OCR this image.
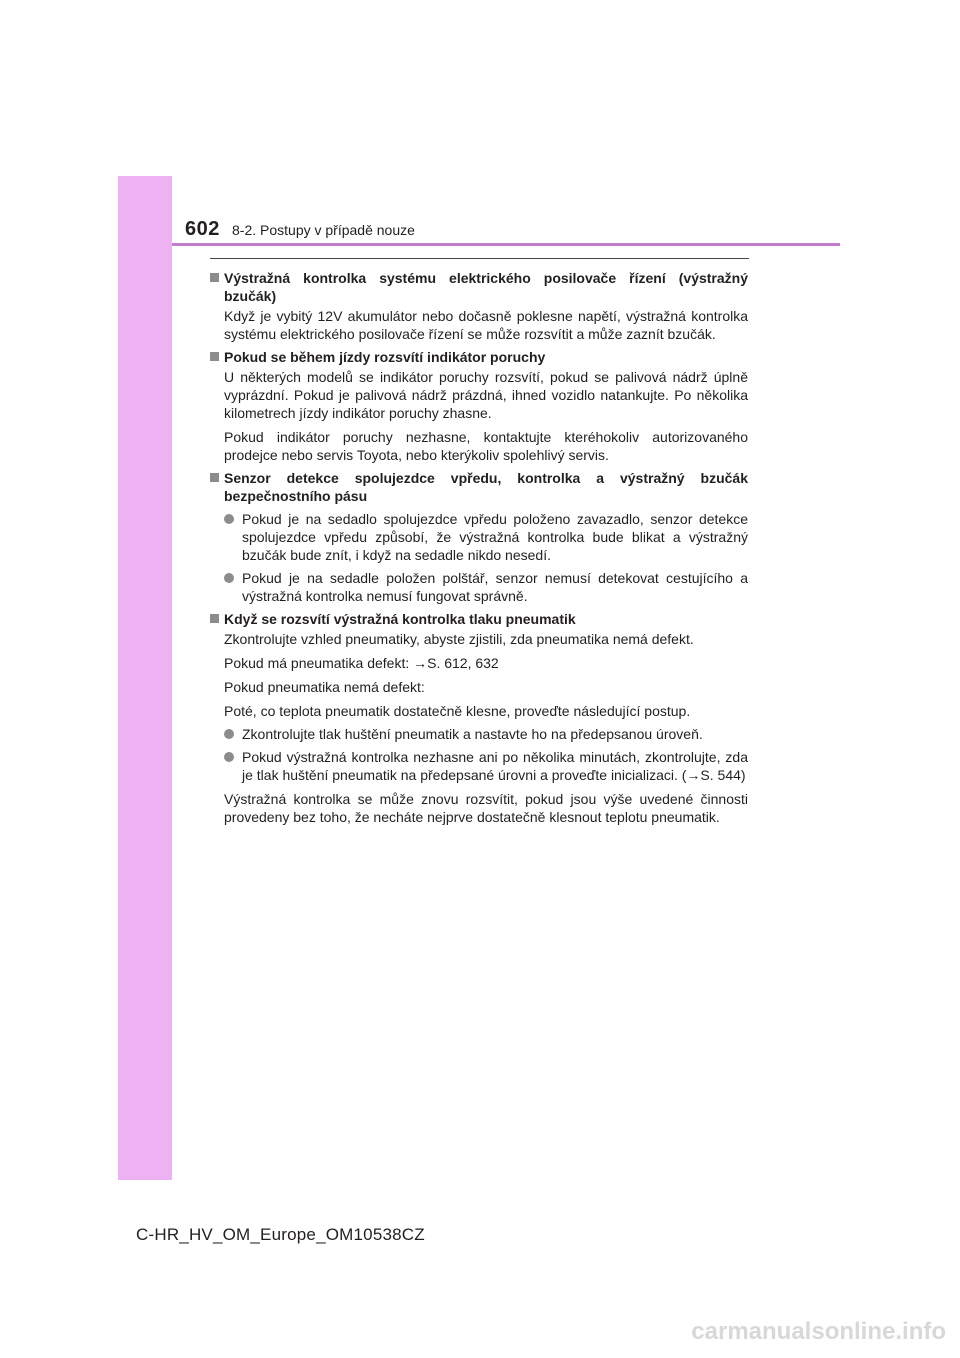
602 8-2. Postupy v případě nouze
Výstražná kontrolka systému elektrického posilovače řízení (výstražný bzučák)
Když je vybitý 12V akumulátor nebo dočasně poklesne napětí, výstražná kontrolka systému elektrického posilovače řízení se může rozsvítit a může zaznít bzučák.
Pokud se během jízdy rozsvítí indikátor poruchy
U některých modelů se indikátor poruchy rozsvítí, pokud se palivová nádrž úplně vyprázdní. Pokud je palivová nádrž prázdná, ihned vozidlo natankujte. Po několika kilometrech jízdy indikátor poruchy zhasne.
Pokud indikátor poruchy nezhasne, kontaktujte kteréhokoliv autorizovaného prodejce nebo servis Toyota, nebo kterýkoliv spolehlivý servis.
Senzor detekce spolujezdce vpředu, kontrolka a výstražný bzučák bezpečnostního pásu
Pokud je na sedadlo spolujezdce vpředu položeno zavazadlo, senzor detekce spolujezdce vpředu způsobí, že výstražná kontrolka bude blikat a výstražný bzučák bude znít, i když na sedadle nikdo nesedí.
Pokud je na sedadle položen polštář, senzor nemusí detekovat cestujícího a výstražná kontrolka nemusí fungovat správně.
Když se rozsvítí výstražná kontrolka tlaku pneumatik
Zkontrolujte vzhled pneumatiky, abyste zjistili, zda pneumatika nemá defekt.
Pokud má pneumatika defekt: →S. 612, 632
Pokud pneumatika nemá defekt:
Poté, co teplota pneumatik dostatečně klesne, proveďte následující postup.
Zkontrolujte tlak huštění pneumatik a nastavte ho na předepsanou úroveň.
Pokud výstražná kontrolka nezhasne ani po několika minutách, zkontrolujte, zda je tlak huštění pneumatik na předepsané úrovni a proveďte inicializaci. (→S. 544)
Výstražná kontrolka se může znovu rozsvítit, pokud jsou výše uvedené činnosti provedeny bez toho, že necháte nejprve dostatečně klesnout teplotu pneumatik.
C-HR_HV_OM_Europe_OM10538CZ
carmanualsonline.info
